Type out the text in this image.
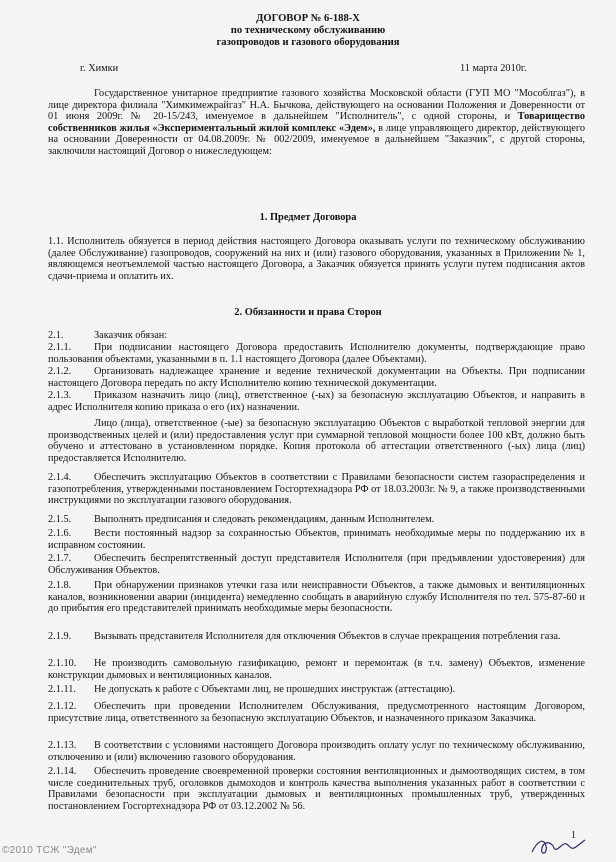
ДОГОВОР № 6-188-Х
по техническому обслуживанию
газопроводов и газового оборудования
г. Химки	11 марта 2010г.
Государственное унитарное предприятие газового хозяйства Московской области (ГУП МО "Мособлгаз"), в лице директора филиала "Химкимежрайгаз" Н.А. Бычкова, действующего на основании Положения и Доверенности от 01 июня 2009г. № 20-15/243, именуемое в дальнейшем "Исполнитель", с одной стороны, и Товарищество собственников жилья «Экспериментальный жилой комплекс «Эдем», в лице управляющего директор, действующего на основании Доверенности от 04.08.2009г. № 002/2009, именуемое в дальнейшем "Заказчик", с другой стороны, заключили настоящий Договор о нижеследующем:
1. Предмет Договора
1.1. Исполнитель обязуется в период действия настоящего Договора оказывать услуги по техническому обслуживанию (далее Обслуживание) газопроводов, сооружений на них и (или) газового оборудования, указанных в Приложении № 1, являющемся неотъемлемой частью настоящего Договора, а Заказчик обязуется принять услуги путем подписания актов сдачи-приема и оплатить их.
2. Обязанности и права Сторон
2.1.	Заказчик обязан:
2.1.1. При подписании настоящего Договора предоставить Исполнителю документы, подтверждающие право пользования объектами, указанными в п. 1.1 настоящего Договора (далее Объектами).
2.1.2. Организовать надлежащее хранение и ведение технической документации на Объекты. При подписании настоящего Договора передать по акту Исполнителю копию технической документации.
2.1.3. Приказом назначить лицо (лиц), ответственное (-ых) за безопасную эксплуатацию Объектов, и направить в адрес Исполнителя копию приказа о его (их) назначении.
Лицо (лица), ответственное (-ые) за безопасную эксплуатацию Объектов с выработкой тепловой энергии для производственных целей и (или) предоставления услуг при суммарной тепловой мощности более 100 кВт, должно быть обучено и аттестовано в установленном порядке. Копия протокола об аттестации ответственного (-ых) лица (лиц) предоставляется Исполнителю.
2.1.4. Обеспечить эксплуатацию Объектов в соответствии с Правилами безопасности систем газораспределения и газопотребления, утвержденными постановлением Госгортехнадзора РФ от 18.03.2003г. № 9, а также производственными инструкциями по эксплуатации газового оборудования.
2.1.5. Выполнять предписания и следовать рекомендациям, данным Исполнителем.
2.1.6. Вести постоянный надзор за сохранностью Объектов, принимать необходимые меры по поддержанию их в исправном состоянии.
2.1.7. Обеспечить беспрепятственный доступ представителя Исполнителя (при предъявлении удостоверения) для Обслуживания Объектов.
2.1.8. При обнаружении признаков утечки газа или неисправности Объектов, а также дымовых и вентиляционных каналов, возникновении аварии (инцидента) немедленно сообщать в аварийную службу Исполнителя по тел. 575-87-60 и до прибытия его представителей принимать необходимые меры безопасности.
2.1.9. Вызывать представителя Исполнителя для отключения Объектов в случае прекращения потребления газа.
2.1.10. Не производить самовольную газификацию, ремонт и перемонтаж (в т.ч. замену) Объектов, изменение конструкции дымовых и вентиляционных каналов.
2.1.11. Не допускать к работе с Объектами лиц, не прошедших инструктаж (аттестацию).
2.1.12. Обеспечить при проведении Исполнителем Обслуживания, предусмотренного настоящим Договором, присутствие лица, ответственного за безопасную эксплуатацию Объектов, и назначенного приказом Заказчика.
2.1.13. В соответствии с условиями настоящего Договора производить оплату услуг по техническому обслуживанию, отключению и (или) включению газового оборудования.
2.1.14. Обеспечить проведение своевременной проверки состояния вентиляционных и дымоотводящих систем, в том числе соединительных труб, оголовков дымоходов и контроль качества выполнения указанных работ в соответствии с Правилами безопасности при эксплуатации дымовых и вентиляционных промышленных труб, утвержденных постановлением Госгортехнадзора РФ от 03.12.2002 № 56.
1
©2010 ТСЖ "Эдем"
